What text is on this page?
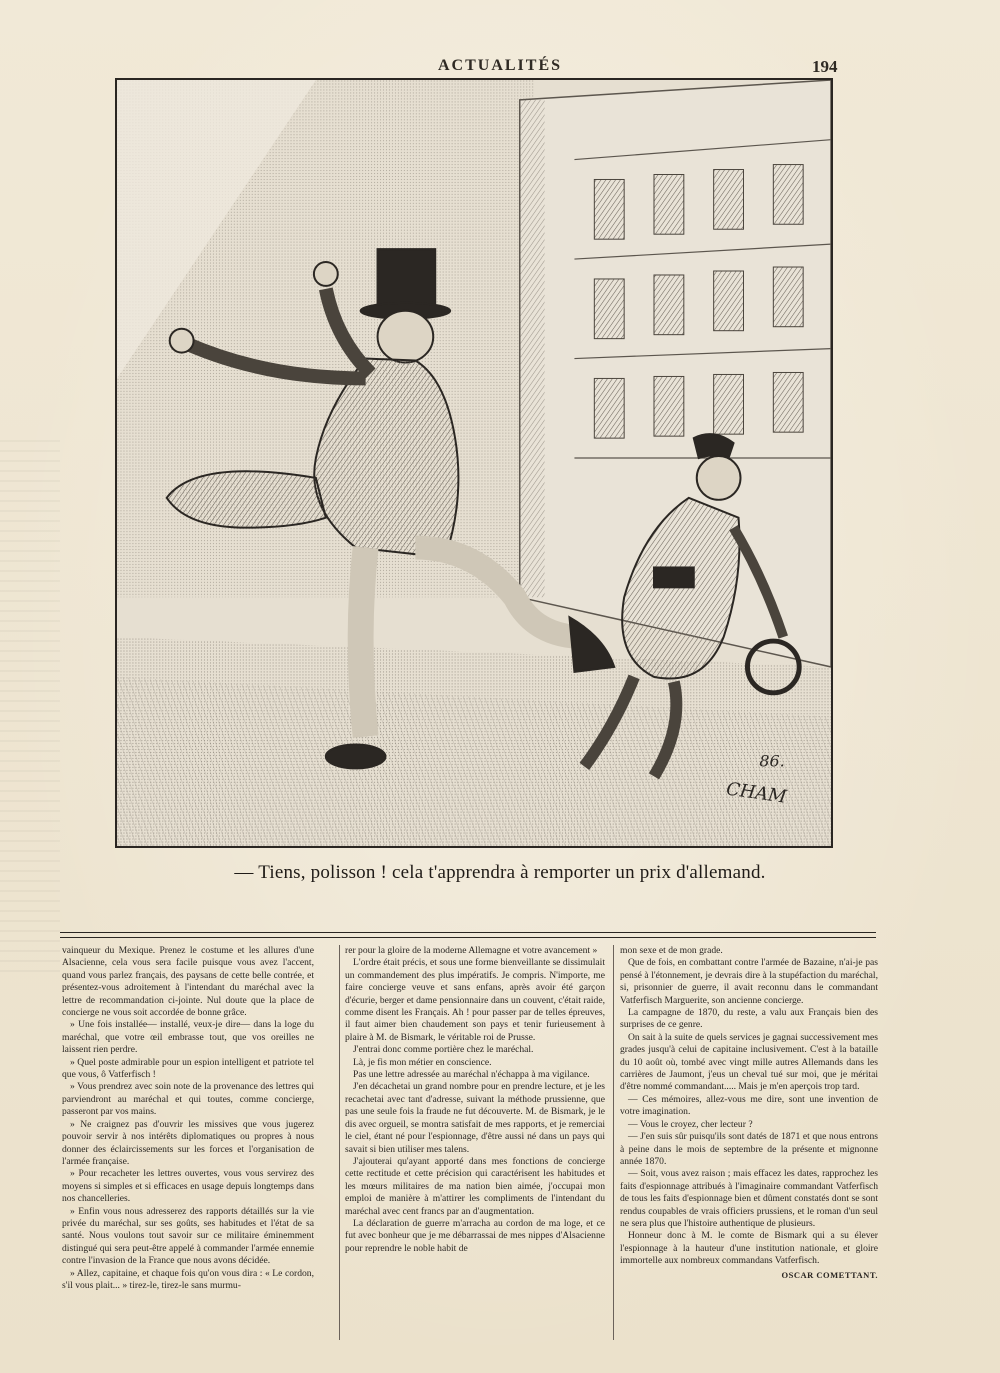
ACTUALITÉS	194
86.
CHAM
— Tiens, polisson ! cela t'apprendra à remporter un prix d'allemand.

vainqueur du Mexique. Prenez le costume et les allures d'une Alsacienne, cela vous sera facile puisque vous avez l'accent, quand vous parlez français, des paysans de cette belle contrée, et présentez-vous adroitement à l'intendant du maréchal avec la lettre de recommandation ci-jointe. Nul doute que la place de concierge ne vous soit accordée de bonne grâce.

» Une fois installée— installé, veux-je dire— dans la loge du maréchal, que votre œil embrasse tout, que vos oreilles ne laissent rien perdre.

» Quel poste admirable pour un espion intelligent et patriote tel que vous, ô Vatferfisch !

» Vous prendrez avec soin note de la provenance des lettres qui parviendront au maréchal et qui toutes, comme concierge, passeront par vos mains.

» Ne craignez pas d'ouvrir les missives que vous jugerez pouvoir servir à nos intérêts diplomatiques ou propres à nous donner des éclaircissements sur les forces et l'organisation de l'armée française.

» Pour recacheter les lettres ouvertes, vous vous servirez des moyens si simples et si efficaces en usage depuis longtemps dans nos chancelleries.

» Enfin vous nous adresserez des rapports détaillés sur la vie privée du maréchal, sur ses goûts, ses habitudes et l'état de sa santé. Nous voulons tout savoir sur ce militaire éminemment distingué qui sera peut-être appelé à commander l'armée ennemie contre l'invasion de la France que nous avons décidée.

» Allez, capitaine, et chaque fois qu'on vous dira : « Le cordon, s'il vous plait... » tirez-le, tirez-le sans murmu-

rer pour la gloire de la moderne Allemagne et votre avancement »

L'ordre était précis, et sous une forme bienveillante se dissimulait un commandement des plus impératifs. Je compris. N'importe, me faire concierge veuve et sans enfans, après avoir été garçon d'écurie, berger et dame pensionnaire dans un couvent, c'était raide, comme disent les Français. Ah ! pour passer par de telles épreuves, il faut aimer bien chaudement son pays et tenir furieusement à plaire à M. de Bismark, le véritable roi de Prusse.

J'entrai donc comme portière chez le maréchal.

Là, je fis mon métier en conscience.

Pas une lettre adressée au maréchal n'échappa à ma vigilance.

J'en décachetai un grand nombre pour en prendre lecture, et je les recachetai avec tant d'adresse, suivant la méthode prussienne, que pas une seule fois la fraude ne fut découverte. M. de Bismark, je le dis avec orgueil, se montra satisfait de mes rapports, et je remerciai le ciel, étant né pour l'espionnage, d'être aussi né dans un pays qui savait si bien utiliser mes talens.

J'ajouterai qu'ayant apporté dans mes fonctions de concierge cette rectitude et cette précision qui caractérisent les habitudes et les mœurs militaires de ma nation bien aimée, j'occupai mon emploi de manière à m'attirer les compliments de l'intendant du maréchal avec cent francs par an d'augmentation.

La déclaration de guerre m'arracha au cordon de ma loge, et ce fut avec bonheur que je me débarrassai de mes nippes d'Alsacienne pour reprendre le noble habit de

mon sexe et de mon grade.

Que de fois, en combattant contre l'armée de Bazaine, n'ai-je pas pensé à l'étonnement, je devrais dire à la stupéfaction du maréchal, si, prisonnier de guerre, il avait reconnu dans le commandant Vatferfisch Marguerite, son ancienne concierge.

La campagne de 1870, du reste, a valu aux Français bien des surprises de ce genre.

On sait à la suite de quels services je gagnai successivement mes grades jusqu'à celui de capitaine inclusivement. C'est à la bataille du 10 août où, tombé avec vingt mille autres Allemands dans les carrières de Jaumont, j'eus un cheval tué sur moi, que je méritai d'être nommé commandant..... Mais je m'en aperçois trop tard.

— Ces mémoires, allez-vous me dire, sont une invention de votre imagination.

— Vous le croyez, cher lecteur ?

— J'en suis sûr puisqu'ils sont datés de 1871 et que nous entrons à peine dans le mois de septembre de la présente et mignonne année 1870.

— Soit, vous avez raison ; mais effacez les dates, rapprochez les faits d'espionnage attribués à l'imaginaire commandant Vatferfisch de tous les faits d'espionnage bien et dûment constatés dont se sont rendus coupables de vrais officiers prussiens, et le roman d'un seul ne sera plus que l'histoire authentique de plusieurs.

Honneur donc à M. le comte de Bismark qui a su élever l'espionnage à la hauteur d'une institution nationale, et gloire immortelle aux nombreux commandans Vatferfisch.

OSCAR COMETTANT.
